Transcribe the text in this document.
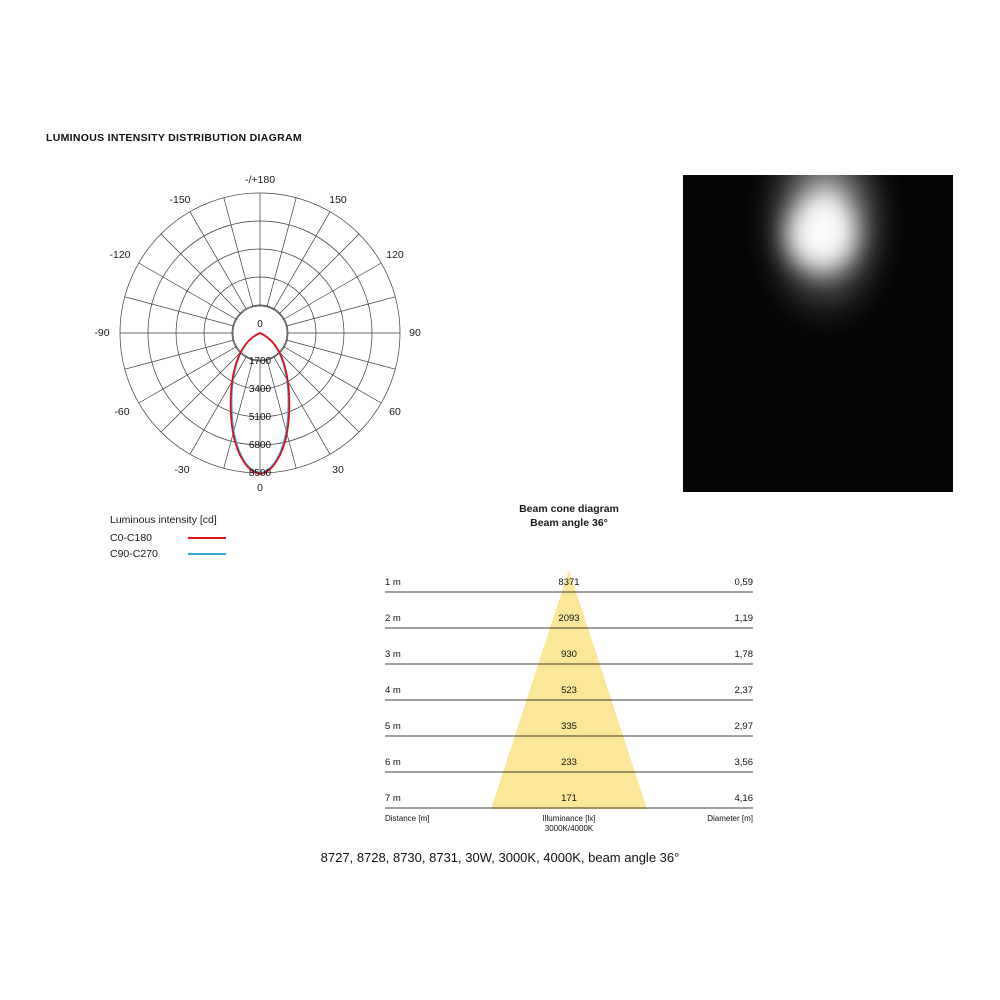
LUMINOUS INTENSITY DISTRIBUTION DIAGRAM
0
1700
3400
5100
6800
8500
-/+180
150
120
90
60
30
0
-30
-60
-90
-120
-150
Luminous intensity [cd]
C0-C180
C90-C270
Beam cone diagram
Beam angle 36°
1 m	8371	0,59
2 m	2093	1,19
3 m	930	1,78
4 m	523	2,37
5 m	335	2,97
6 m	233	3,56
7 m	171	4,16
Distance [m]	Illuminance [lx]
3000K/4000K
Diameter [m]
8727, 8728, 8730, 8731, 30W, 3000K, 4000K, beam angle 36°
